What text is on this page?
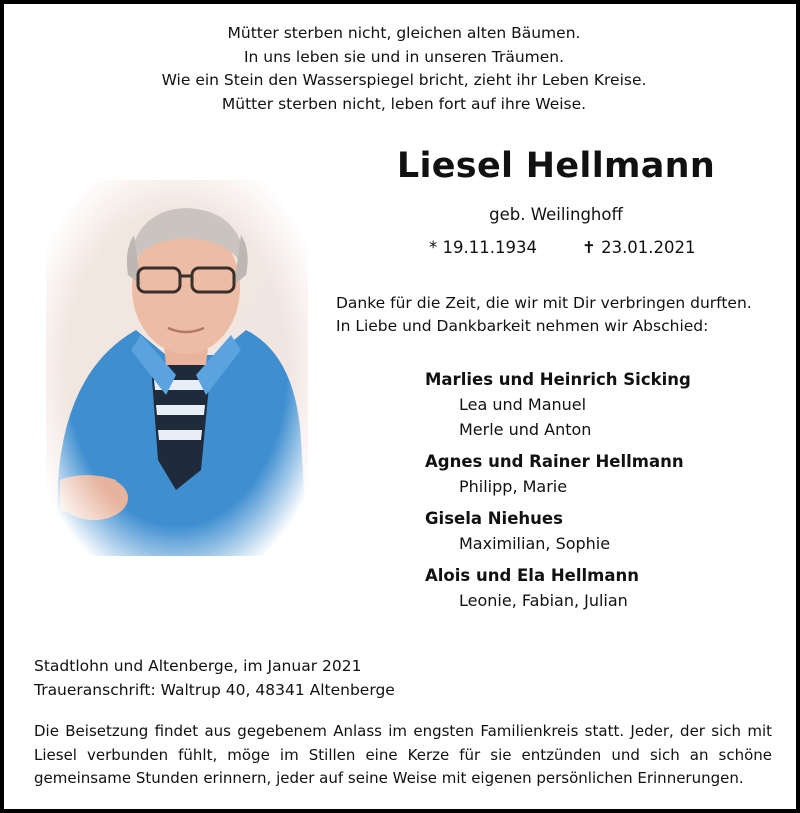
Mütter sterben nicht, gleichen alten Bäumen.
In uns leben sie und in unseren Träumen.
Wie ein Stein den Wasserspiegel bricht, zieht ihr Leben Kreise.
Mütter sterben nicht, leben fort auf ihre Weise.
Liesel Hellmann
geb. Weilinghoff
* 19.11.1934	✝ 23.01.2021
Danke für die Zeit, die wir mit Dir verbringen durften.
In Liebe und Dankbarkeit nehmen wir Abschied:
Marlies und Heinrich Sicking
Lea und Manuel
Merle und Anton
Agnes und Rainer Hellmann
Philipp, Marie
Gisela Niehues
Maximilian, Sophie
Alois und Ela Hellmann
Leonie, Fabian, Julian
Stadtlohn und Altenberge, im Januar 2021
Traueranschrift: Waltrup 40, 48341 Altenberge
Die Beisetzung findet aus gegebenem Anlass im engsten Familienkreis statt. Jeder, der sich mit Liesel verbunden fühlt, möge im Stillen eine Kerze für sie entzünden und sich an schöne gemeinsame Stunden erinnern, jeder auf seine Weise mit eigenen persönlichen Erinnerungen.
